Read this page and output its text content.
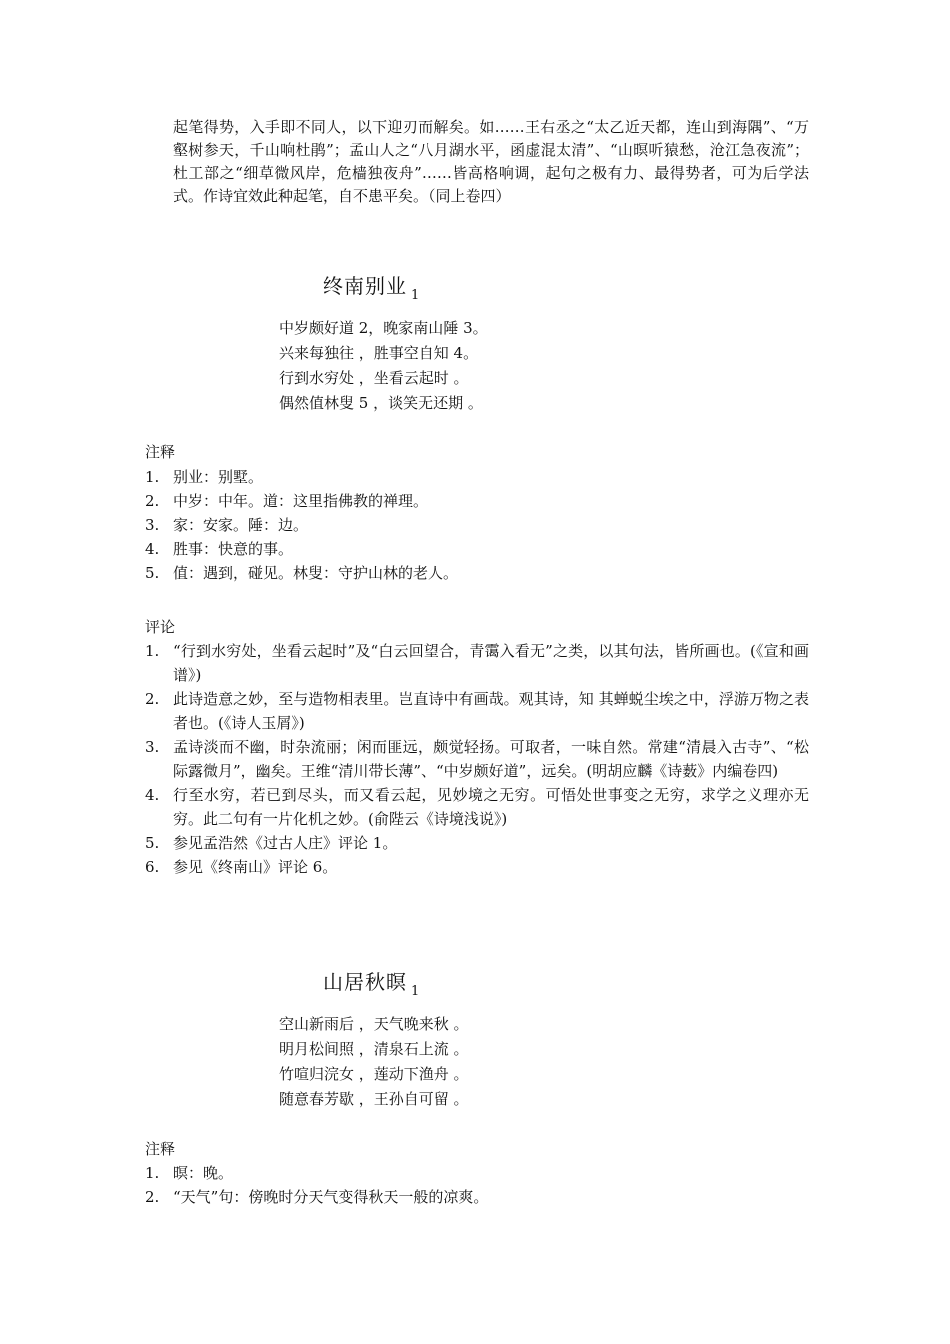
起笔得势，入手即不同人，以下迎刃而解矣。如……王右丞之“太乙近天都，连山到海隅”、“万壑树参天，千山响杜鹃”；孟山人之“八月湖水平，函虚混太清”、“山暝听猿愁，沧江急夜流”；杜工部之“细草微风岸，危樯独夜舟”……皆高格响调，起句之极有力、最得势者，可为后学法式。作诗宜效此种起笔，自不患平矣。（同上卷四）
终南别业 $_1$
中岁颇好道 2，晚家南山陲 3。
兴来每独往 ，胜事空自知 4。
行到水穷处 ，坐看云起时 。
偶然值林叟 5 ，谈笑无还期 。
注释
1. 别业：别墅。
2. 中岁：中年。道：这里指佛教的禅理。
3. 家：安家。陲：边。
4. 胜事：快意的事。
5. 值：遇到，碰见。林叟：守护山林的老人。
评论
1. “行到水穷处，坐看云起时”及“白云回望合，青霭入看无”之类，以其句法，皆所画也。(《宣和画谱》)
2. 此诗造意之妙，至与造物相表里。岂直诗中有画哉。观其诗，知 其蝉蜕尘埃之中，浮游万物之表者也。(《诗人玉屑》)
3. 孟诗淡而不幽，时杂流丽；闲而匪远，颇觉轻扬。可取者，一味自然。常建“清晨入古寺”、“松际露微月”，幽矣。王维“清川带长薄”、“中岁颇好道”，远矣。(明胡应麟《诗薮》内编卷四)
4. 行至水穷，若已到尽头，而又看云起，见妙境之无穷。可悟处世事变之无穷，求学之义理亦无穷。此二句有一片化机之妙。(俞陛云《诗境浅说》)
5. 参见孟浩然《过古人庄》评论 1。
6. 参见《终南山》评论 6。
山居秋暝 $_1$
空山新雨后 ，天气晚来秋 。
明月松间照 ，清泉石上流 。
竹喧归浣女 ，莲动下渔舟 。
随意春芳歇 ，王孙自可留 。
注释
1. 暝：晚。
2. “天气”句：傍晚时分天气变得秋天一般的凉爽。
